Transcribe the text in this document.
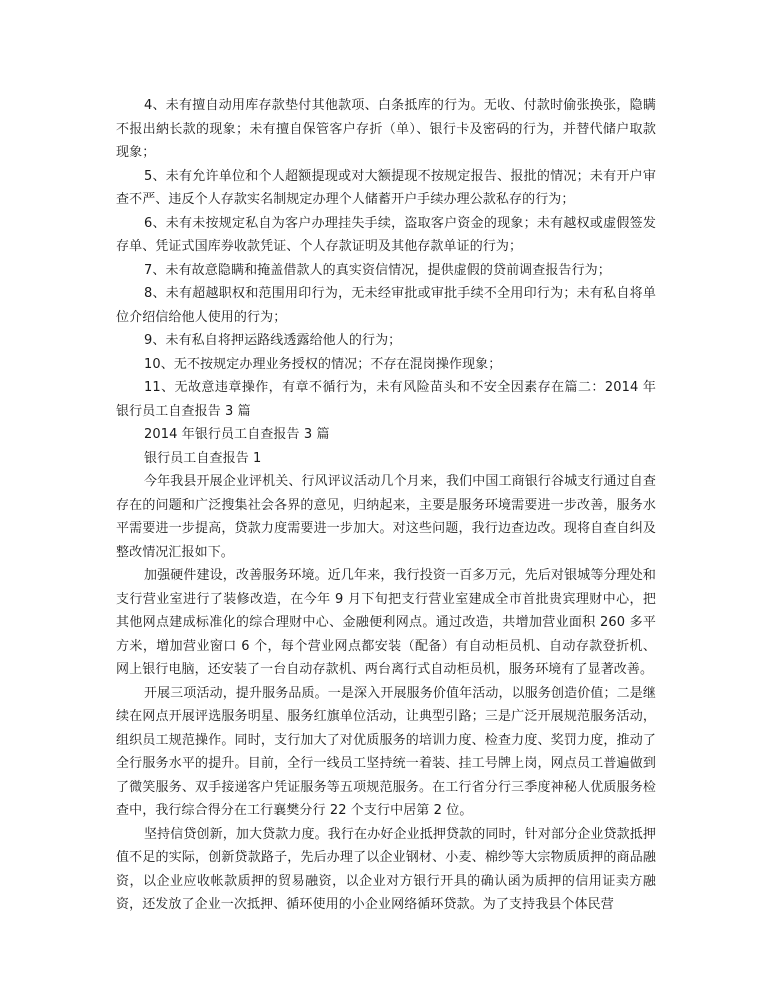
4、未有擅自动用库存款垫付其他款项、白条抵库的行为。无收、付款时偷张换张，隐瞒不报出納长款的现象；未有擅自保管客户存折（单）、银行卡及密码的行为，并替代储户取款现象；

5、未有允许单位和个人超额提现或对大额提现不按规定报告、报批的情况；未有开户审查不严、违反个人存款实名制规定办理个人储蓄开户手续办理公款私存的行为；

6、未有未按规定私自为客户办理挂失手续，盗取客户资金的现象；未有越权或虚假签发存单、凭证式国库券收款凭证、个人存款证明及其他存款单证的行为；

7、未有故意隐瞒和掩盖借款人的真实资信情况，提供虚假的贷前调查报告行为；

8、未有超越职权和范围用印行为，无未经审批或审批手续不全用印行为；未有私自将单位介绍信给他人使用的行为；

9、未有私自将押运路线透露给他人的行为；

10、无不按规定办理业务授权的情况；不存在混岗操作现象；

11、无故意违章操作，有章不循行为，未有风险苗头和不安全因素存在篇二：2014 年银行员工自查报告 3 篇

2014 年银行员工自查报告 3 篇

银行员工自查报告 1

今年我县开展企业评机关、行风评议活动几个月来，我们中国工商银行谷城支行通过自查存在的问题和广泛搜集社会各界的意见，归纳起来，主要是服务环境需要进一步改善，服务水平需要进一步提高，贷款力度需要进一步加大。对这些问题，我行边查边改。现将自查自纠及整改情况汇报如下。

加强硬件建设，改善服务环境。近几年来，我行投资一百多万元，先后对银城等分理处和支行营业室进行了装修改造，在今年 9 月下旬把支行营业室建成全市首批贵宾理财中心，把其他网点建成标准化的综合理财中心、金融便利网点。通过改造，共增加营业面积 260 多平方米，增加营业窗口 6 个，每个营业网点都安装（配备）有自动柜员机、自动存款登折机、网上银行电脑，还安装了一台自动存款机、两台离行式自动柜员机，服务环境有了显著改善。

开展三项活动，提升服务品质。一是深入开展服务价值年活动，以服务创造价值；二是继续在网点开展评选服务明星、服务红旗单位活动，让典型引路；三是广泛开展规范服务活动，组织员工规范操作。同时，支行加大了对优质服务的培训力度、检查力度、奖罚力度，推动了全行服务水平的提升。目前，全行一线员工坚持统一着装、挂工号牌上岗，网点员工普遍做到了微笑服务、双手接递客户凭证服务等五项规范服务。在工行省分行三季度神秘人优质服务检查中，我行综合得分在工行襄樊分行 22 个支行中居第 2 位。

坚持信贷创新，加大贷款力度。我行在办好企业抵押贷款的同时，针对部分企业贷款抵押值不足的实际，创新贷款路子，先后办理了以企业钢材、小麦、棉纱等大宗物质质押的商品融资，以企业应收帐款质押的贸易融资，以企业对方银行开具的确认函为质押的信用证卖方融资，还发放了企业一次抵押、循环使用的小企业网络循环贷款。为了支持我县个体民营
